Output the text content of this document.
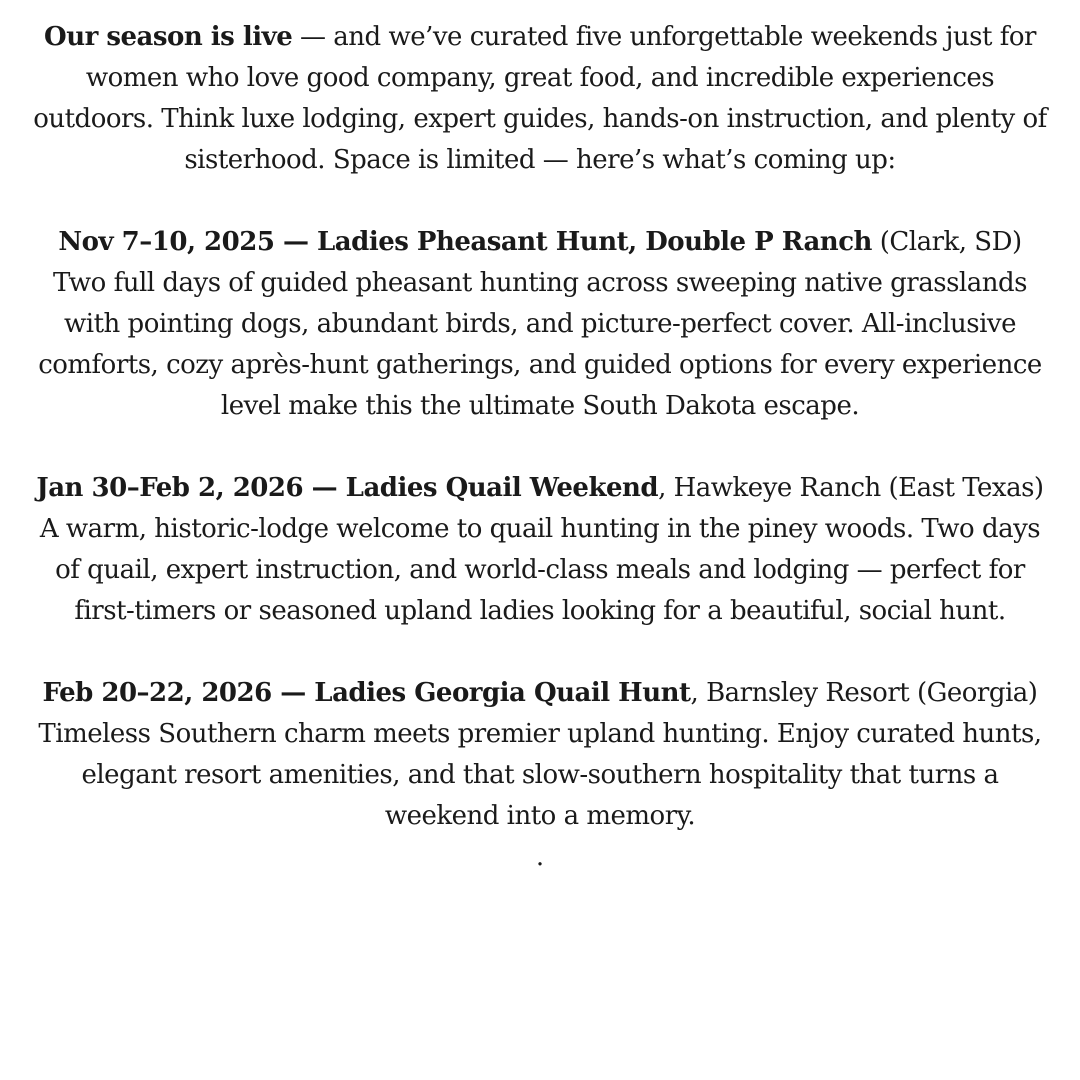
Our season is live — and we’ve curated five unforgettable weekends just for women who love good company, great food, and incredible experiences outdoors. Think luxe lodging, expert guides, hands-on instruction, and plenty of sisterhood. Space is limited — here’s what’s coming up:

Nov 7–10, 2025 — Ladies Pheasant Hunt, Double P Ranch (Clark, SD) Two full days of guided pheasant hunting across sweeping native grasslands with pointing dogs, abundant birds, and picture-perfect cover. All-inclusive comforts, cozy après-hunt gatherings, and guided options for every experience level make this the ultimate South Dakota escape.

Jan 30–Feb 2, 2026 — Ladies Quail Weekend, Hawkeye Ranch (East Texas) A warm, historic-lodge welcome to quail hunting in the piney woods. Two days of quail, expert instruction, and world-class meals and lodging — perfect for first-timers or seasoned upland ladies looking for a beautiful, social hunt.

Feb 20–22, 2026 — Ladies Georgia Quail Hunt, Barnsley Resort (Georgia) Timeless Southern charm meets premier upland hunting. Enjoy curated hunts, elegant resort amenities, and that slow-southern hospitality that turns a weekend into a memory.

.
